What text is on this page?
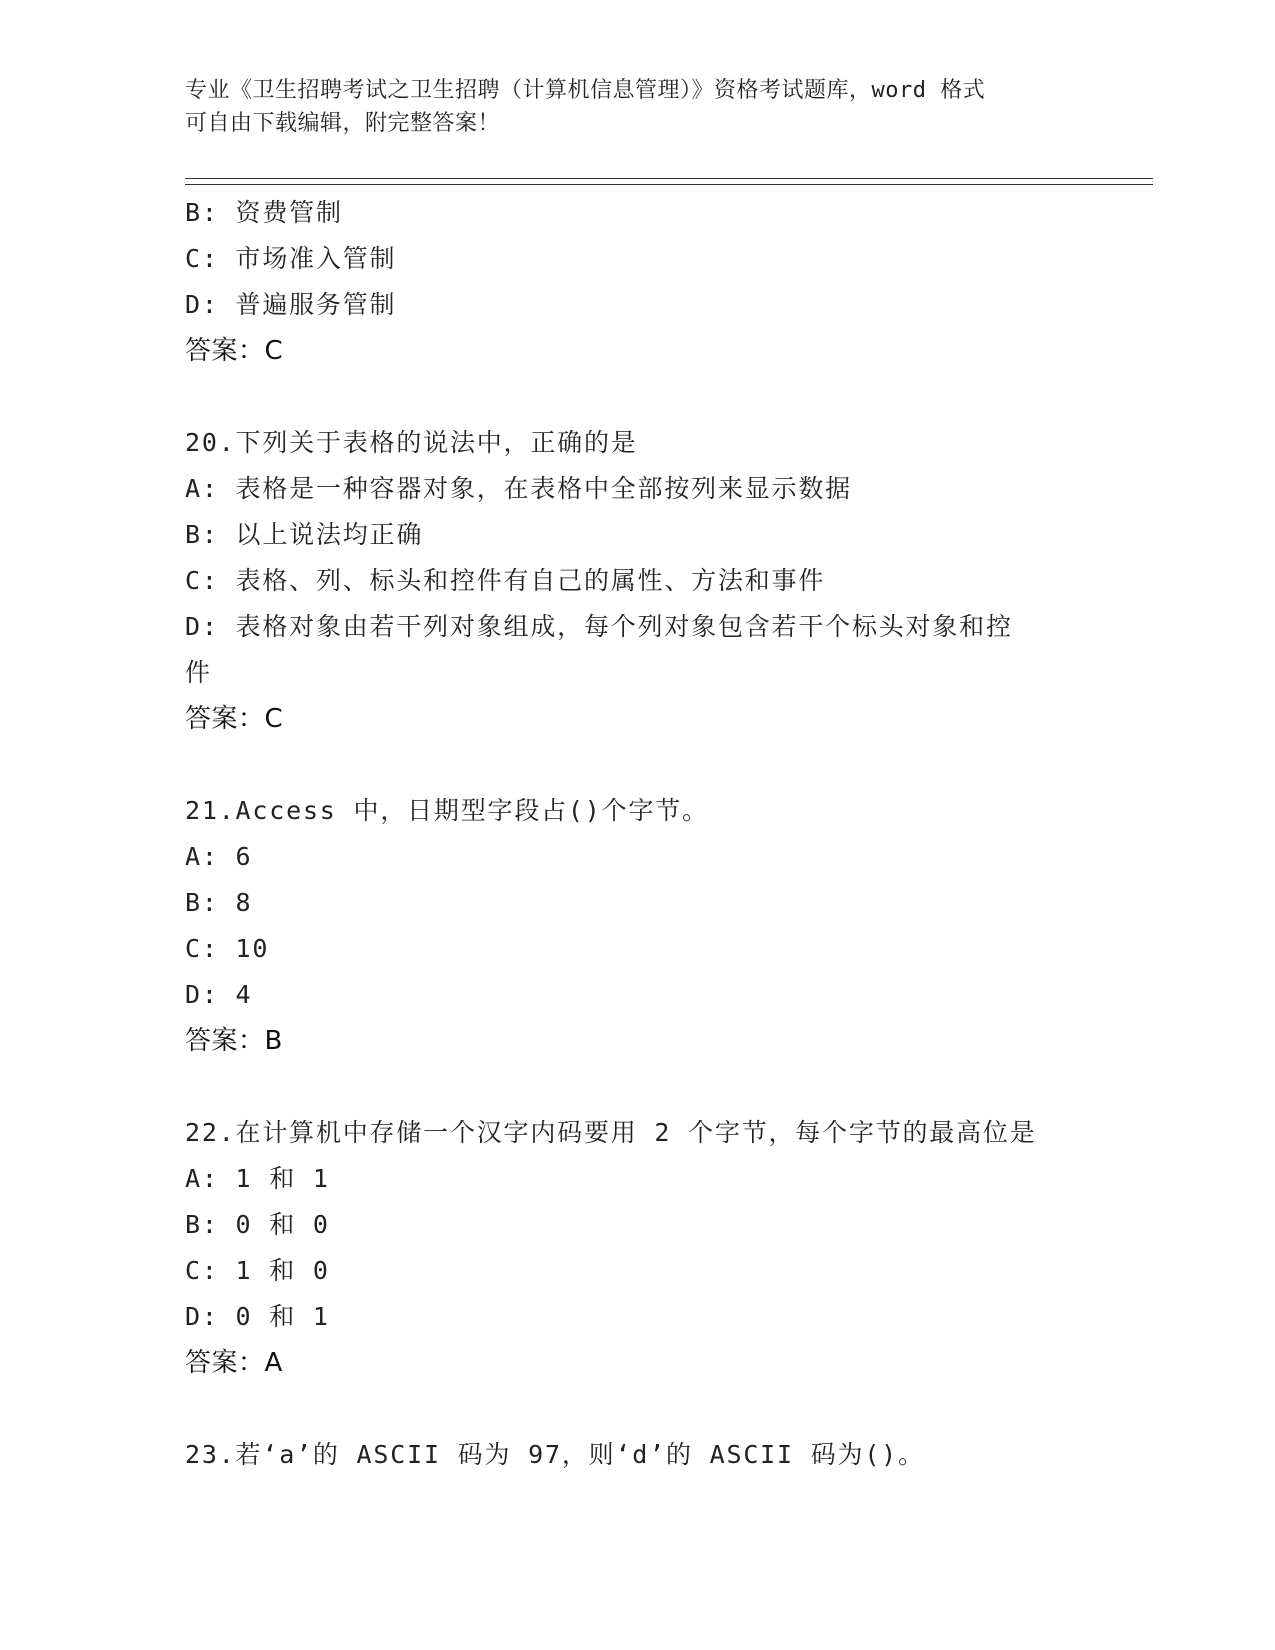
专业《卫生招聘考试之卫生招聘（计算机信息管理）》资格考试题库，word 格式
可自由下载编辑，附完整答案！
B: 资费管制
C: 市场准入管制
D: 普遍服务管制
答案：C
20.下列关于表格的说法中，正确的是
A: 表格是一种容器对象，在表格中全部按列来显示数据
B: 以上说法均正确
C: 表格、列、标头和控件有自己的属性、方法和事件
D: 表格对象由若干列对象组成，每个列对象包含若干个标头对象和控
件
答案：C
21.Access 中，日期型字段占()个字节。
A: 6
B: 8
C: 10
D: 4
答案：B
22.在计算机中存储一个汉字内码要用 2 个字节，每个字节的最高位是
A: 1 和 1
B: 0 和 0
C: 1 和 0
D: 0 和 1
答案：A
23.若‘a’的 ASCII 码为 97，则‘d’的 ASCII 码为()。
